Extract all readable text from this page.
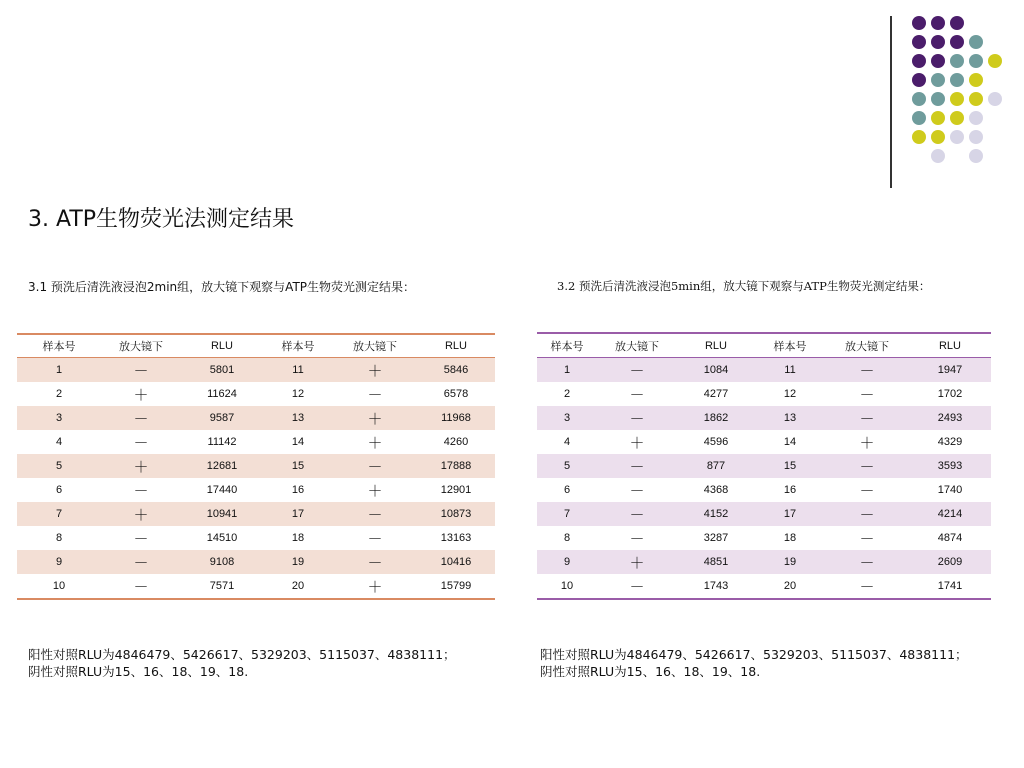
3. ATP生物荧光法测定结果
3.1 预洗后清洗液浸泡2min组，放大镜下观察与ATP生物荧光测定结果：	3.2 预洗后清洗液浸泡5min组，放大镜下观察与ATP生物荧光测定结果：
样本号	放大镜下	RLU	样本号	放大镜下	RLU
1	－	5801	11	＋	5846
2	＋	11624	12	－	6578
3	－	9587	13	＋	11968
4	－	11142	14	＋	4260
5	＋	12681	15	－	17888
6	－	17440	16	＋	12901
7	＋	10941	17	－	10873
8	－	14510	18	－	13163
9	－	9108	19	－	10416
10	－	7571	20	＋	15799
样本号	放大镜下	RLU	样本号	放大镜下	RLU
1	－	1084	11	－	1947
2	－	4277	12	－	1702
3	－	1862	13	－	2493
4	＋	4596	14	＋	4329
5	－	877	15	－	3593
6	－	4368	16	－	1740
7	－	4152	17	－	4214
8	－	3287	18	－	4874
9	＋	4851	19	－	2609
10	－	1743	20	－	1741
阳性对照RLU为4846479、5426617、5329203、5115037、4838111；
阴性对照RLU为15、16、18、19、18.
阳性对照RLU为4846479、5426617、5329203、5115037、4838111；
阴性对照RLU为15、16、18、19、18.
